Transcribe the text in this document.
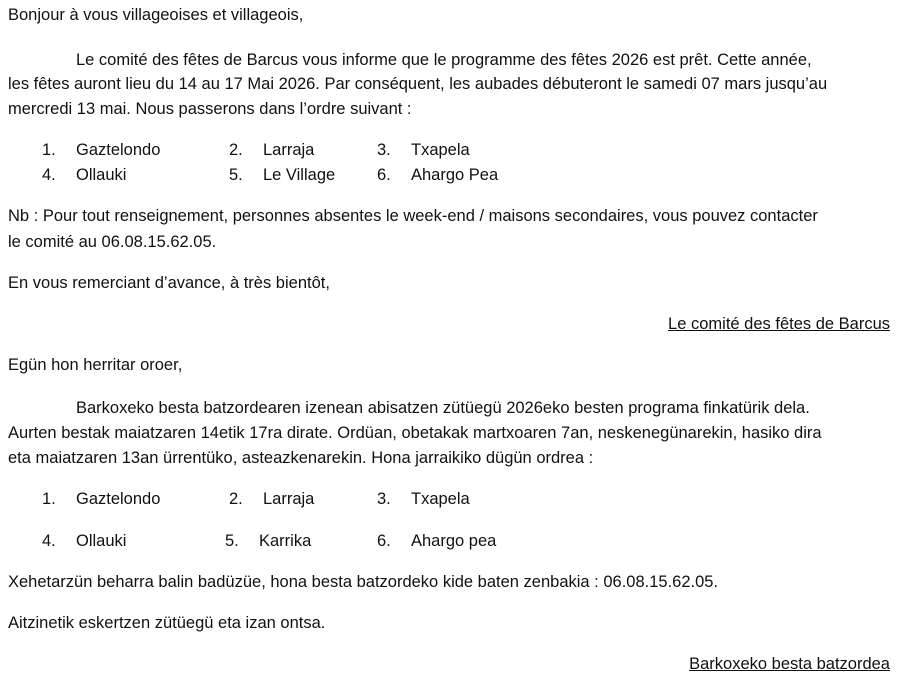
Bonjour à vous villageoises et villageois,
Le comité des fêtes de Barcus vous informe que le programme des fêtes 2026 est prêt. Cette année,
les fêtes auront lieu du 14 au 17 Mai 2026. Par conséquent, les aubades débuteront le samedi 07 mars jusqu’au
mercredi 13 mai. Nous passerons dans l’ordre suivant :
1. Gaztelondo	2. Larraja	3. Txapela
4. Ollauki	5. Le Village	6. Ahargo Pea
Nb : Pour tout renseignement, personnes absentes le week-end / maisons secondaires, vous pouvez contacter
le comité au 06.08.15.62.05.
En vous remerciant d’avance, à très bientôt,
Le comité des fêtes de Barcus
Egün hon herritar oroer,
Barkoxeko besta batzordearen izenean abisatzen zütüegü 2026eko besten programa finkatürik dela.
Aurten bestak maiatzaren 14etik 17ra dirate. Ordüan, obetakak martxoaren 7an, neskenegünarekin, hasiko dira
eta maiatzaren 13an ürrentüko, asteazkenarekin. Hona jarraikiko dügün ordrea :
1. Gaztelondo	2. Larraja	3. Txapela
4. Ollauki	5. Karrika	6. Ahargo pea
Xehetarzün beharra balin badüzüe, hona besta batzordeko kide baten zenbakia : 06.08.15.62.05.
Aitzinetik eskertzen zütüegü eta izan ontsa.
Barkoxeko besta batzordea
